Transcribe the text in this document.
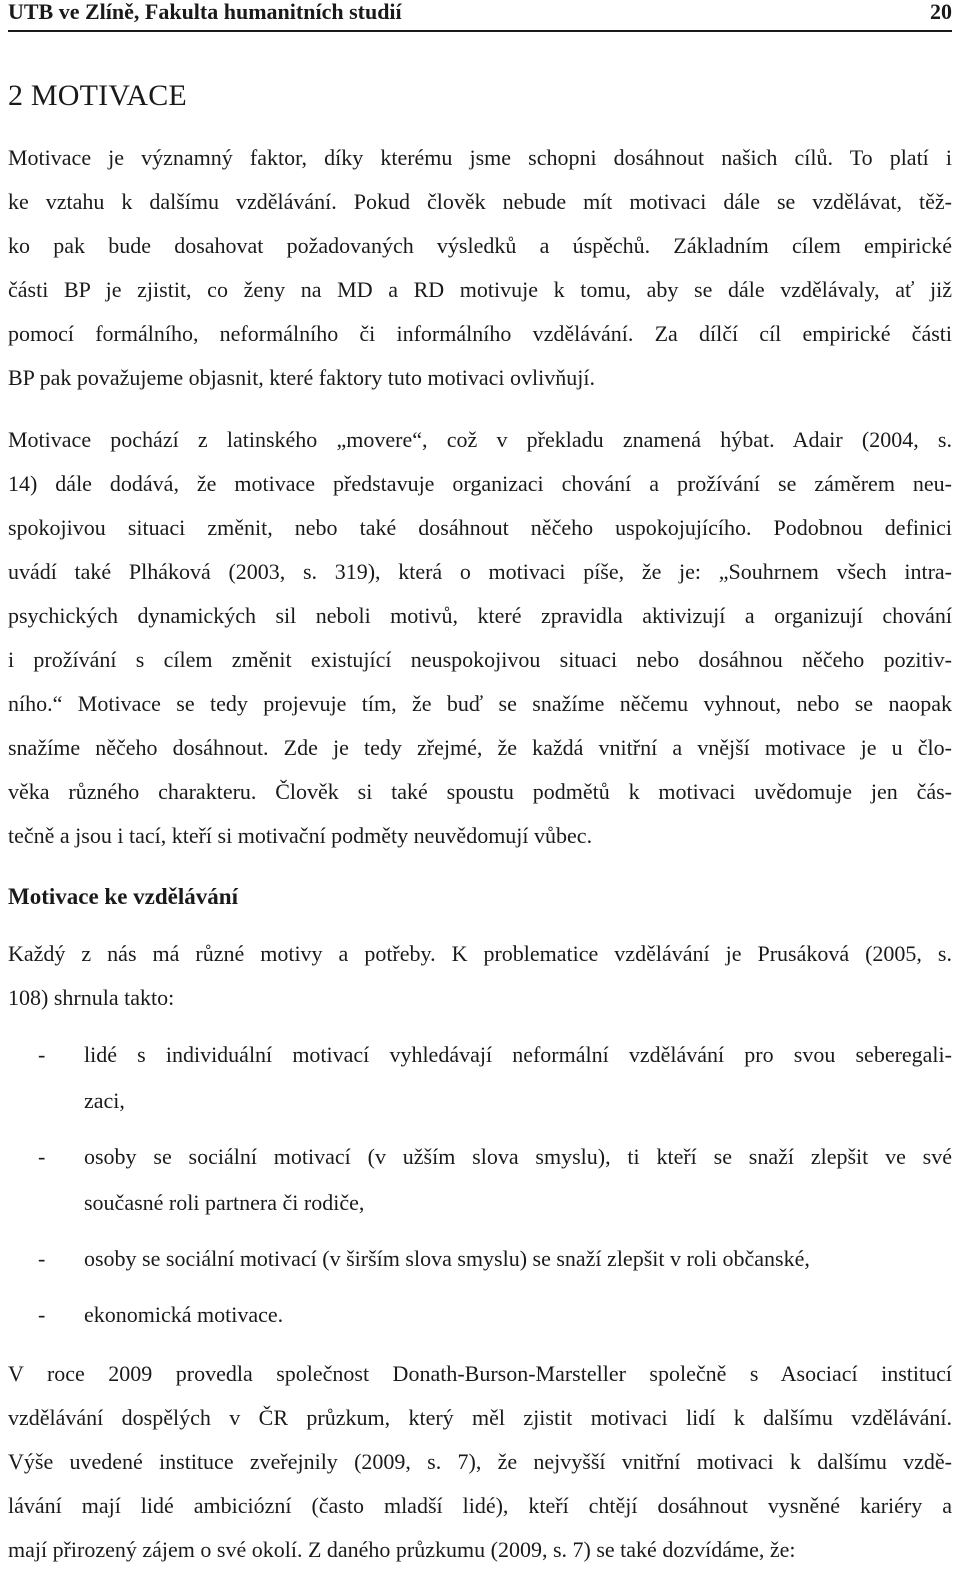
UTB ve Zlíně, Fakulta humanitních studií	20
2 MOTIVACE
Motivace je významný faktor, díky kterému jsme schopni dosáhnout našich cílů. To platí i
ke vztahu k dalšímu vzdělávání. Pokud člověk nebude mít motivaci dále se vzdělávat, těž-
ko pak bude dosahovat požadovaných výsledků a úspěchů. Základním cílem empirické
části BP je zjistit, co ženy na MD a RD motivuje k tomu, aby se dále vzdělávaly, ať již
pomocí formálního, neformálního či informálního vzdělávání. Za dílčí cíl empirické části
BP pak považujeme objasnit, které faktory tuto motivaci ovlivňují.
Motivace pochází z latinského „movere“, což v překladu znamená hýbat. Adair (2004, s.
14) dále dodává, že motivace představuje organizaci chování a prožívání se záměrem neu-
spokojivou situaci změnit, nebo také dosáhnout něčeho uspokojujícího. Podobnou definici
uvádí také Plháková (2003, s. 319), která o motivaci píše, že je: „Souhrnem všech intra-
psychických dynamických sil neboli motivů, které zpravidla aktivizují a organizují chování
i prožívání s cílem změnit existující neuspokojivou situaci nebo dosáhnou něčeho pozitiv-
ního.“ Motivace se tedy projevuje tím, že buď se snažíme něčemu vyhnout, nebo se naopak
snažíme něčeho dosáhnout. Zde je tedy zřejmé, že každá vnitřní a vnější motivace je u člo-
věka různého charakteru. Člověk si také spoustu podmětů k motivaci uvědomuje jen čás-
tečně a jsou i tací, kteří si motivační podměty neuvědomují vůbec.
Motivace ke vzdělávání
Každý z nás má různé motivy a potřeby. K problematice vzdělávání je Prusáková (2005, s.
108) shrnula takto:
- lidé s individuální motivací vyhledávají neformální vzdělávání pro svou seberegali-
zaci,
- osoby se sociální motivací (v užším slova smyslu), ti kteří se snaží zlepšit ve své
současné roli partnera či rodiče,
- osoby se sociální motivací (v širším slova smyslu) se snaží zlepšit v roli občanské,
- ekonomická motivace.
V roce 2009 provedla společnost Donath-Burson-Marsteller společně s Asociací institucí
vzdělávání dospělých v ČR průzkum, který měl zjistit motivaci lidí k dalšímu vzdělávání.
Výše uvedené instituce zveřejnily (2009, s. 7), že nejvyšší vnitřní motivaci k dalšímu vzdě-
lávání mají lidé ambiciózní (často mladší lidé), kteří chtějí dosáhnout vysněné kariéry a
mají přirozený zájem o své okolí. Z daného průzkumu (2009, s. 7) se také dozvídáme, že:
